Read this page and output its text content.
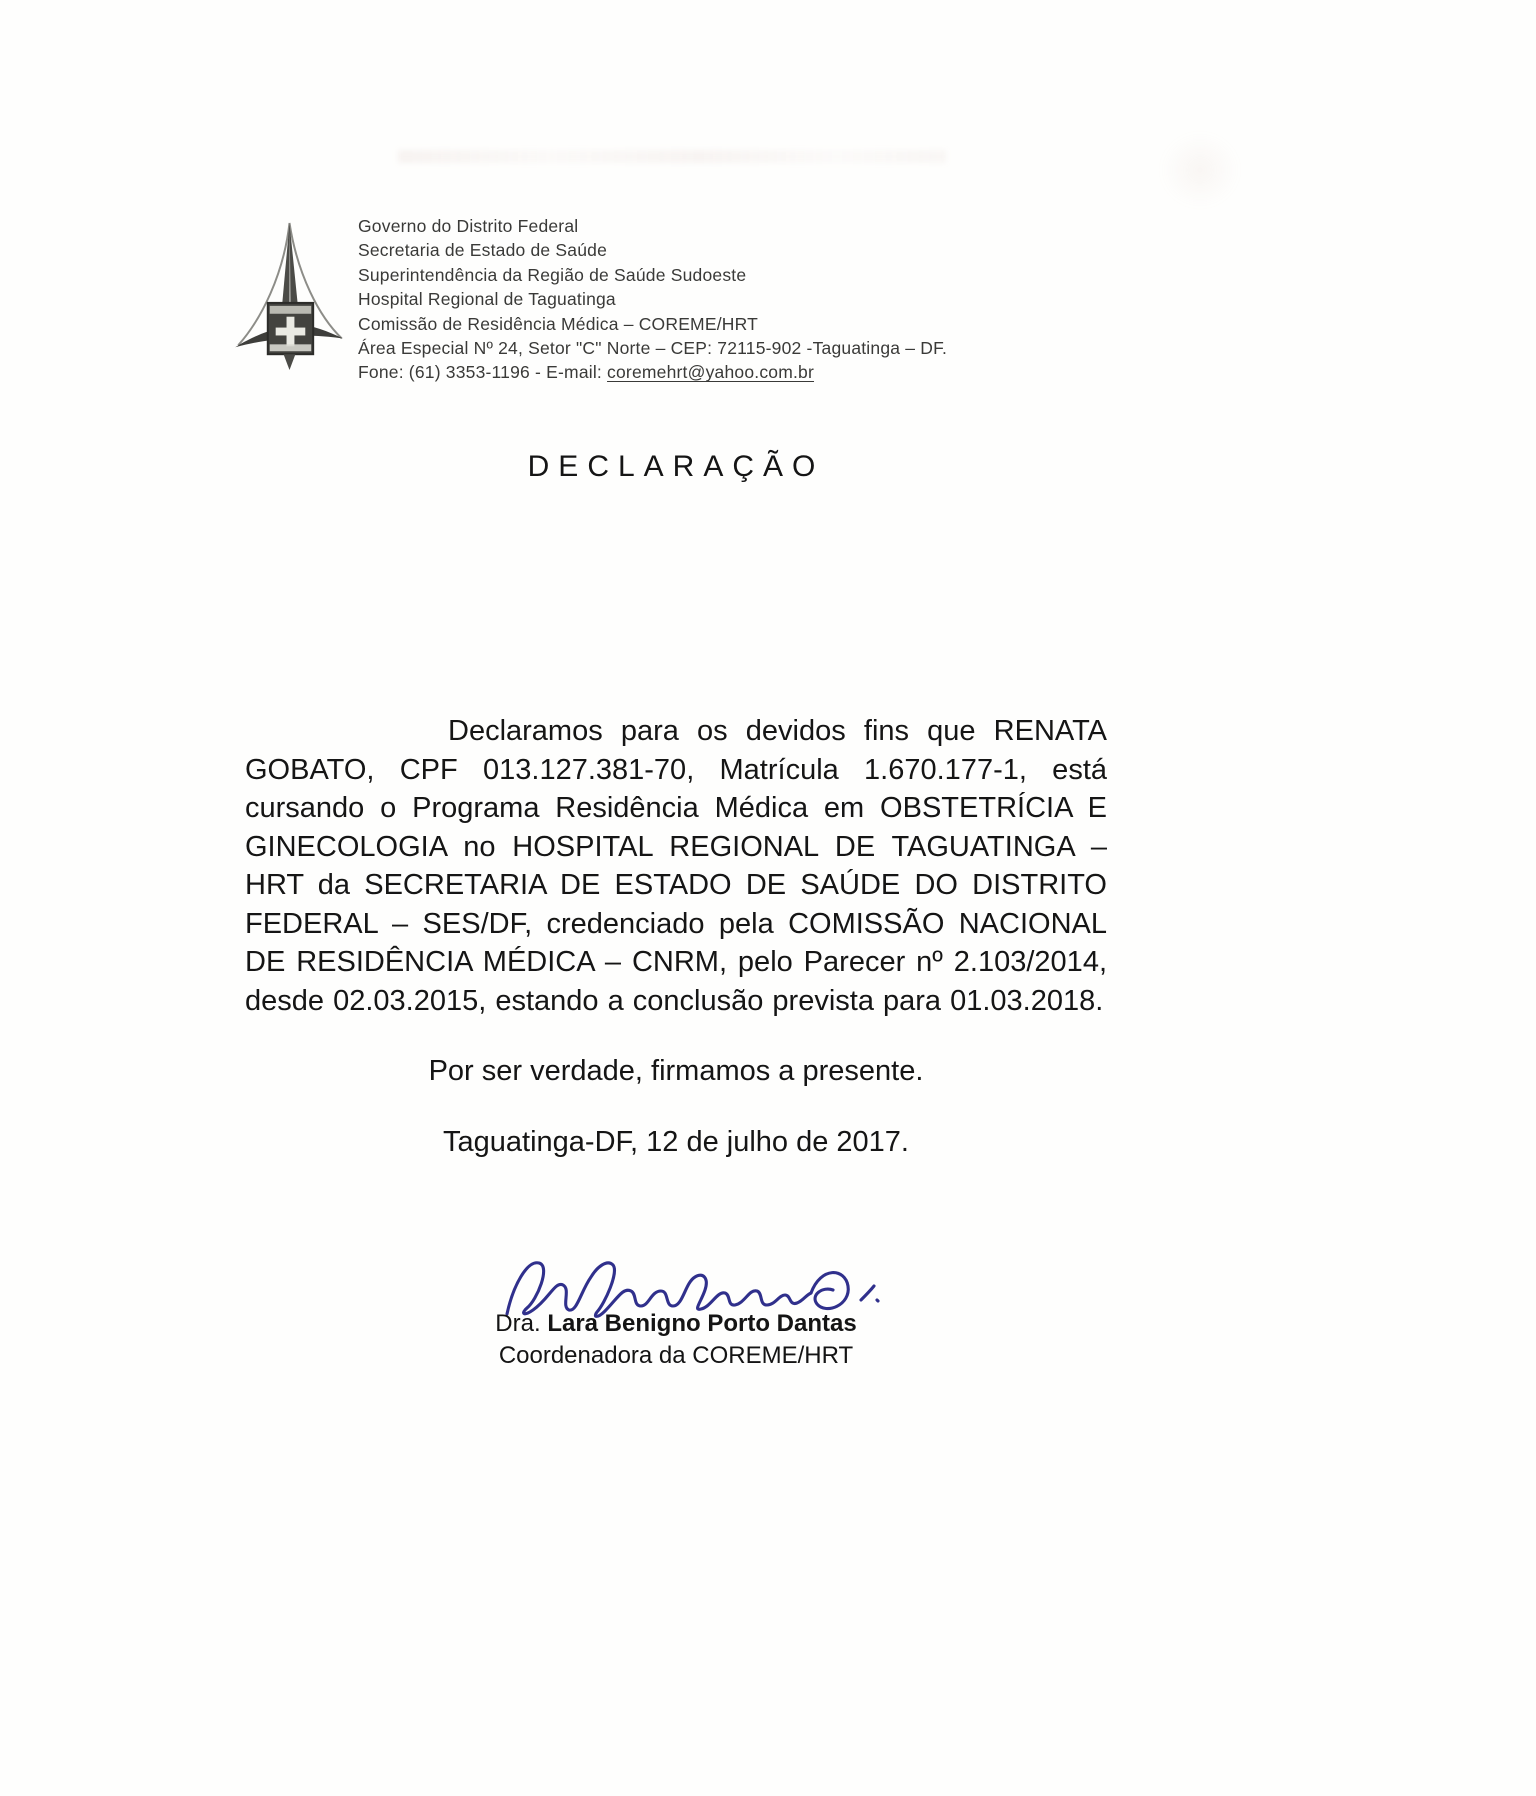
Governo do Distrito Federal
Secretaria de Estado de Saúde
Superintendência da Região de Saúde Sudoeste
Hospital Regional de Taguatinga
Comissão de Residência Médica – COREME/HRT
Área Especial Nº 24, Setor "C" Norte – CEP: 72115-902 -Taguatinga – DF.
Fone: (61) 3353-1196 - E-mail: coremehrt@yahoo.com.br
DECLARAÇÃO

Declaramos para os devidos fins que RENATA GOBATO, CPF 013.127.381-70, Matrícula 1.670.177-1, está cursando o Programa Residência Médica em OBSTETRÍCIA E GINECOLOGIA no HOSPITAL REGIONAL DE TAGUATINGA – HRT da SECRETARIA DE ESTADO DE SAÚDE DO DISTRITO FEDERAL – SES/DF, credenciado pela COMISSÃO NACIONAL DE RESIDÊNCIA MÉDICA – CNRM, pelo Parecer nº 2.103/2014, desde 02.03.2015, estando a conclusão prevista para 01.03.2018.

Por ser verdade, firmamos a presente.

Taguatinga-DF, 12 de julho de 2017.

Dra. Lara Benigno Porto Dantas
Coordenadora da COREME/HRT
